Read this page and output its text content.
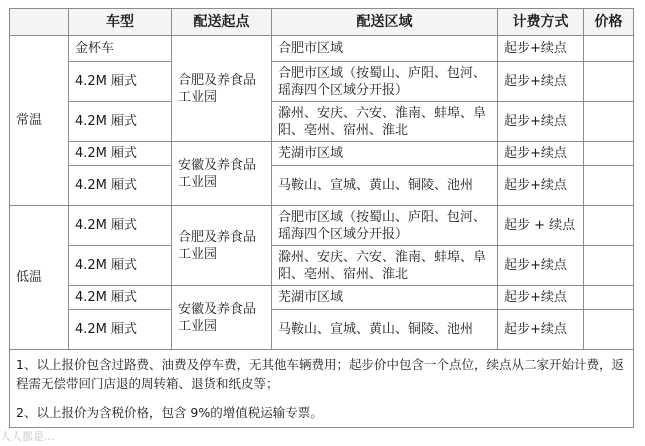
	车型	配送起点	配送区域	计费方式	价格
常温	金杯车	合肥及养食品工业园	合肥市区域	起步+续点	
	4.2M 厢式		合肥市区域（按蜀山、庐阳、包河、瑶海四个区域分开报）	起步+续点	
	4.2M 厢式		滁州、安庆、六安、淮南、蚌埠、阜阳、亳州、宿州、淮北	起步+续点	
	4.2M 厢式	安徽及养食品工业园	芜湖市区域	起步+续点	
	4.2M 厢式		马鞍山、宣城、黄山、铜陵、池州	起步+续点	
低温	4.2M 厢式	合肥及养食品工业园	合肥市区域（按蜀山、庐阳、包河、瑶海四个区域分开报）	起步 + 续点	
	4.2M 厢式		滁州、安庆、六安、淮南、蚌埠、阜阳、亳州、宿州、淮北	起步+续点	
	4.2M 厢式	安徽及养食品工业园	芜湖市区域	起步+续点	
	4.2M 厢式		马鞍山、宣城、黄山、铜陵、池州	起步+续点	

1、以上报价包含过路费、油费及停车费，无其他车辆费用；起步价中包含一个点位，续点从二家开始计费，返程需无偿带回门店退的周转箱、退货和纸皮等；

2、以上报价为含税价格，包含 9%的增值税运输专票。					

人人都是...
